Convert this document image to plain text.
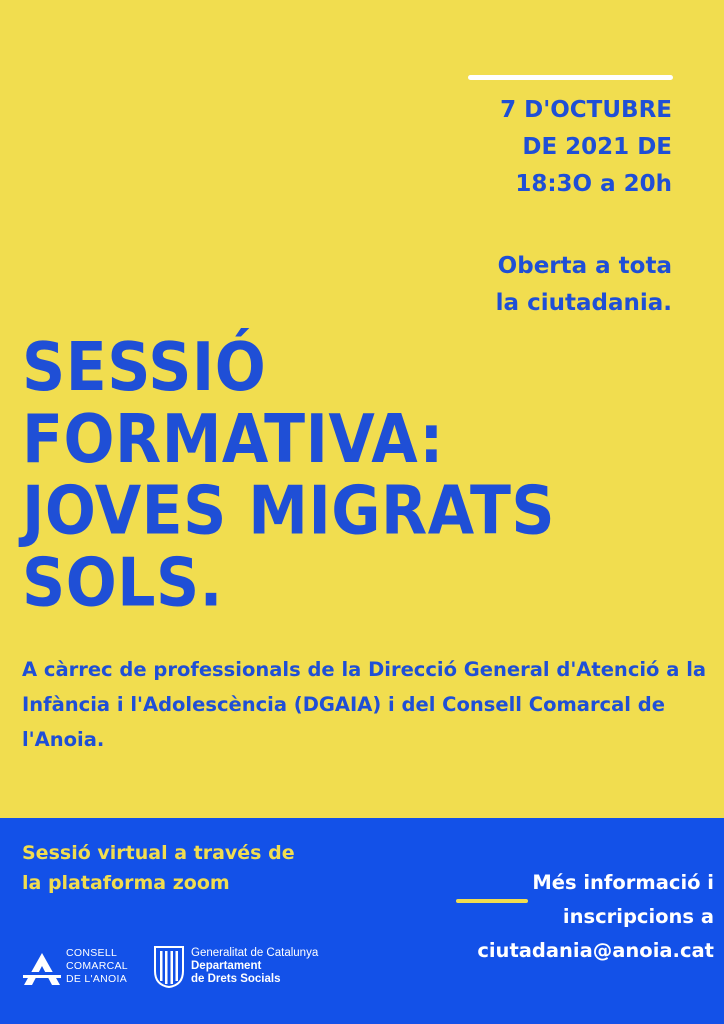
7 D'OCTUBRE
DE 2021 DE
18:3O a 20h
Oberta a tota
la ciutadania.
SESSIÓ
FORMATIVA:
JOVES MIGRATS
SOLS.
A càrrec de professionals de la Direcció General d'Atenció a la Infància i l'Adolescència (DGAIA) i del Consell Comarcal de l'Anoia.
Sessió virtual a través de
la plataforma zoom	Més informació i
inscripcions a
ciutadania@anoia.cat
CONSELL
COMARCAL
DE L'ANOIA
Generalitat de Catalunya
Departament
de Drets Socials
